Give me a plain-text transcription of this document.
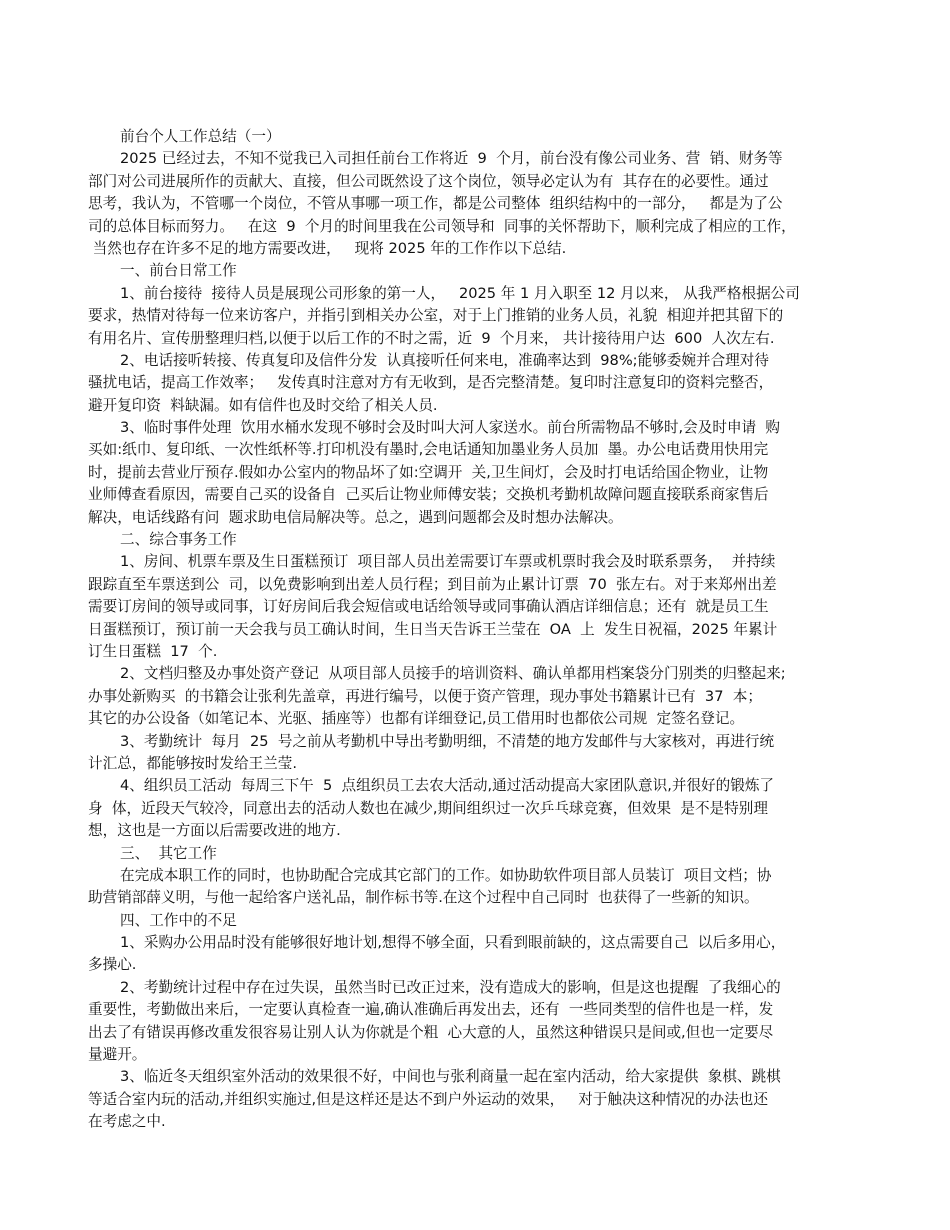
前台个人工作总结（一）
2025 已经过去，不知不觉我已入司担任前台工作将近  9  个月，前台没有像公司业务、营  销、财务等
部门对公司进展所作的贡献大、直接，但公司既然设了这个岗位，领导必定认为有  其存在的必要性。通过
思考，我认为，不管哪一个岗位，不管从事哪一项工作，都是公司整体  组织结构中的一部分，   都是为了公
司的总体目标而努力。   在这  9  个月的时间里我在公司领导和  同事的关怀帮助下，顺利完成了相应的工作，
当然也存在许多不足的地方需要改进，   现将 2025 年的工作作以下总结.
一、前台日常工作
1、前台接待  接待人员是展现公司形象的第一人，   2025 年 1 月入职至 12 月以来， 从我严格根据公司
要求，热情对待每一位来访客户，并指引到相关办公室，对于上门推销的业务人员，礼貌  相迎并把其留下的
有用名片、宣传册整理归档,以便于以后工作的不时之需，近  9  个月来， 共计接待用户达  600  人次左右.
2、电话接听转接、传真复印及信件分发  认真接听任何来电，准确率达到  98%;能够委婉并合理对待
骚扰电话，提高工作效率；   发传真时注意对方有无收到，是否完整清楚。复印时注意复印的资料完整否，
避开复印资  料缺漏。如有信件也及时交给了相关人员.
3、临时事件处理  饮用水桶水发现不够时会及时叫大河人家送水。前台所需物品不够时,会及时申请  购
买如:纸巾、复印纸、一次性纸杯等.打印机没有墨时,会电话通知加墨业务人员加  墨。办公电话费用快用完
时，提前去营业厅预存.假如办公室内的物品坏了如:空调开  关,卫生间灯，会及时打电话给国企物业，让物
业师傅查看原因，需要自己买的设备自  己买后让物业师傅安装；交换机考勤机故障问题直接联系商家售后
解决，电话线路有问  题求助电信局解决等。总之，遇到问题都会及时想办法解决。
二、综合事务工作
1、房间、机票车票及生日蛋糕预订  项目部人员出差需要订车票或机票时我会及时联系票务，  并持续
跟踪直至车票送到公  司，以免费影响到出差人员行程；到目前为止累计订票  70  张左右。对于来郑州出差
需要订房间的领导或同事，订好房间后我会短信或电话给领导或同事确认酒店详细信息；还有  就是员工生
日蛋糕预订，预订前一天会我与员工确认时间，生日当天告诉王兰莹在  OA  上  发生日祝福，2025 年累计
订生日蛋糕  17  个.
2、文档归整及办事处资产登记  从项目部人员接手的培训资料、确认单都用档案袋分门别类的归整起来;
办事处新购买  的书籍会让张利先盖章，再进行编号，以便于资产管理，现办事处书籍累计已有  37  本；
其它的办公设备（如笔记本、光驱、插座等）也都有详细登记,员工借用时也都依公司规  定签名登记。
3、考勤统计  每月  25  号之前从考勤机中导出考勤明细，不清楚的地方发邮件与大家核对，再进行统
计汇总，都能够按时发给王兰莹.
4、组织员工活动  每周三下午  5  点组织员工去农大活动,通过活动提高大家团队意识,并很好的锻炼了
身  体，近段天气较冷，同意出去的活动人数也在减少,期间组织过一次乒乓球竞赛，但效果  是不是特别理
想，这也是一方面以后需要改进的地方.
三、  其它工作
在完成本职工作的同时，也协助配合完成其它部门的工作。如协助软件项目部人员装订  项目文档；协
助营销部薛义明，与他一起给客户送礼品，制作标书等.在这个过程中自己同时  也获得了一些新的知识。
四、工作中的不足
1、采购办公用品时没有能够很好地计划,想得不够全面，只看到眼前缺的，这点需要自己  以后多用心，
多操心.
2、考勤统计过程中存在过失误，虽然当时已改正过来，没有造成大的影响，但是这也提醒  了我细心的
重要性，考勤做出来后，一定要认真检查一遍,确认准确后再发出去，还有  一些同类型的信件也是一样，发
出去了有错误再修改重发很容易让别人认为你就是个粗  心大意的人，虽然这种错误只是间或,但也一定要尽
量避开。
3、临近冬天组织室外活动的效果很不好，中间也与张利商量一起在室内活动，给大家提供  象棋、跳棋
等适合室内玩的活动,并组织实施过,但是这样还是达不到户外运动的效果，   对于触决这种情况的办法也还
在考虑之中.
